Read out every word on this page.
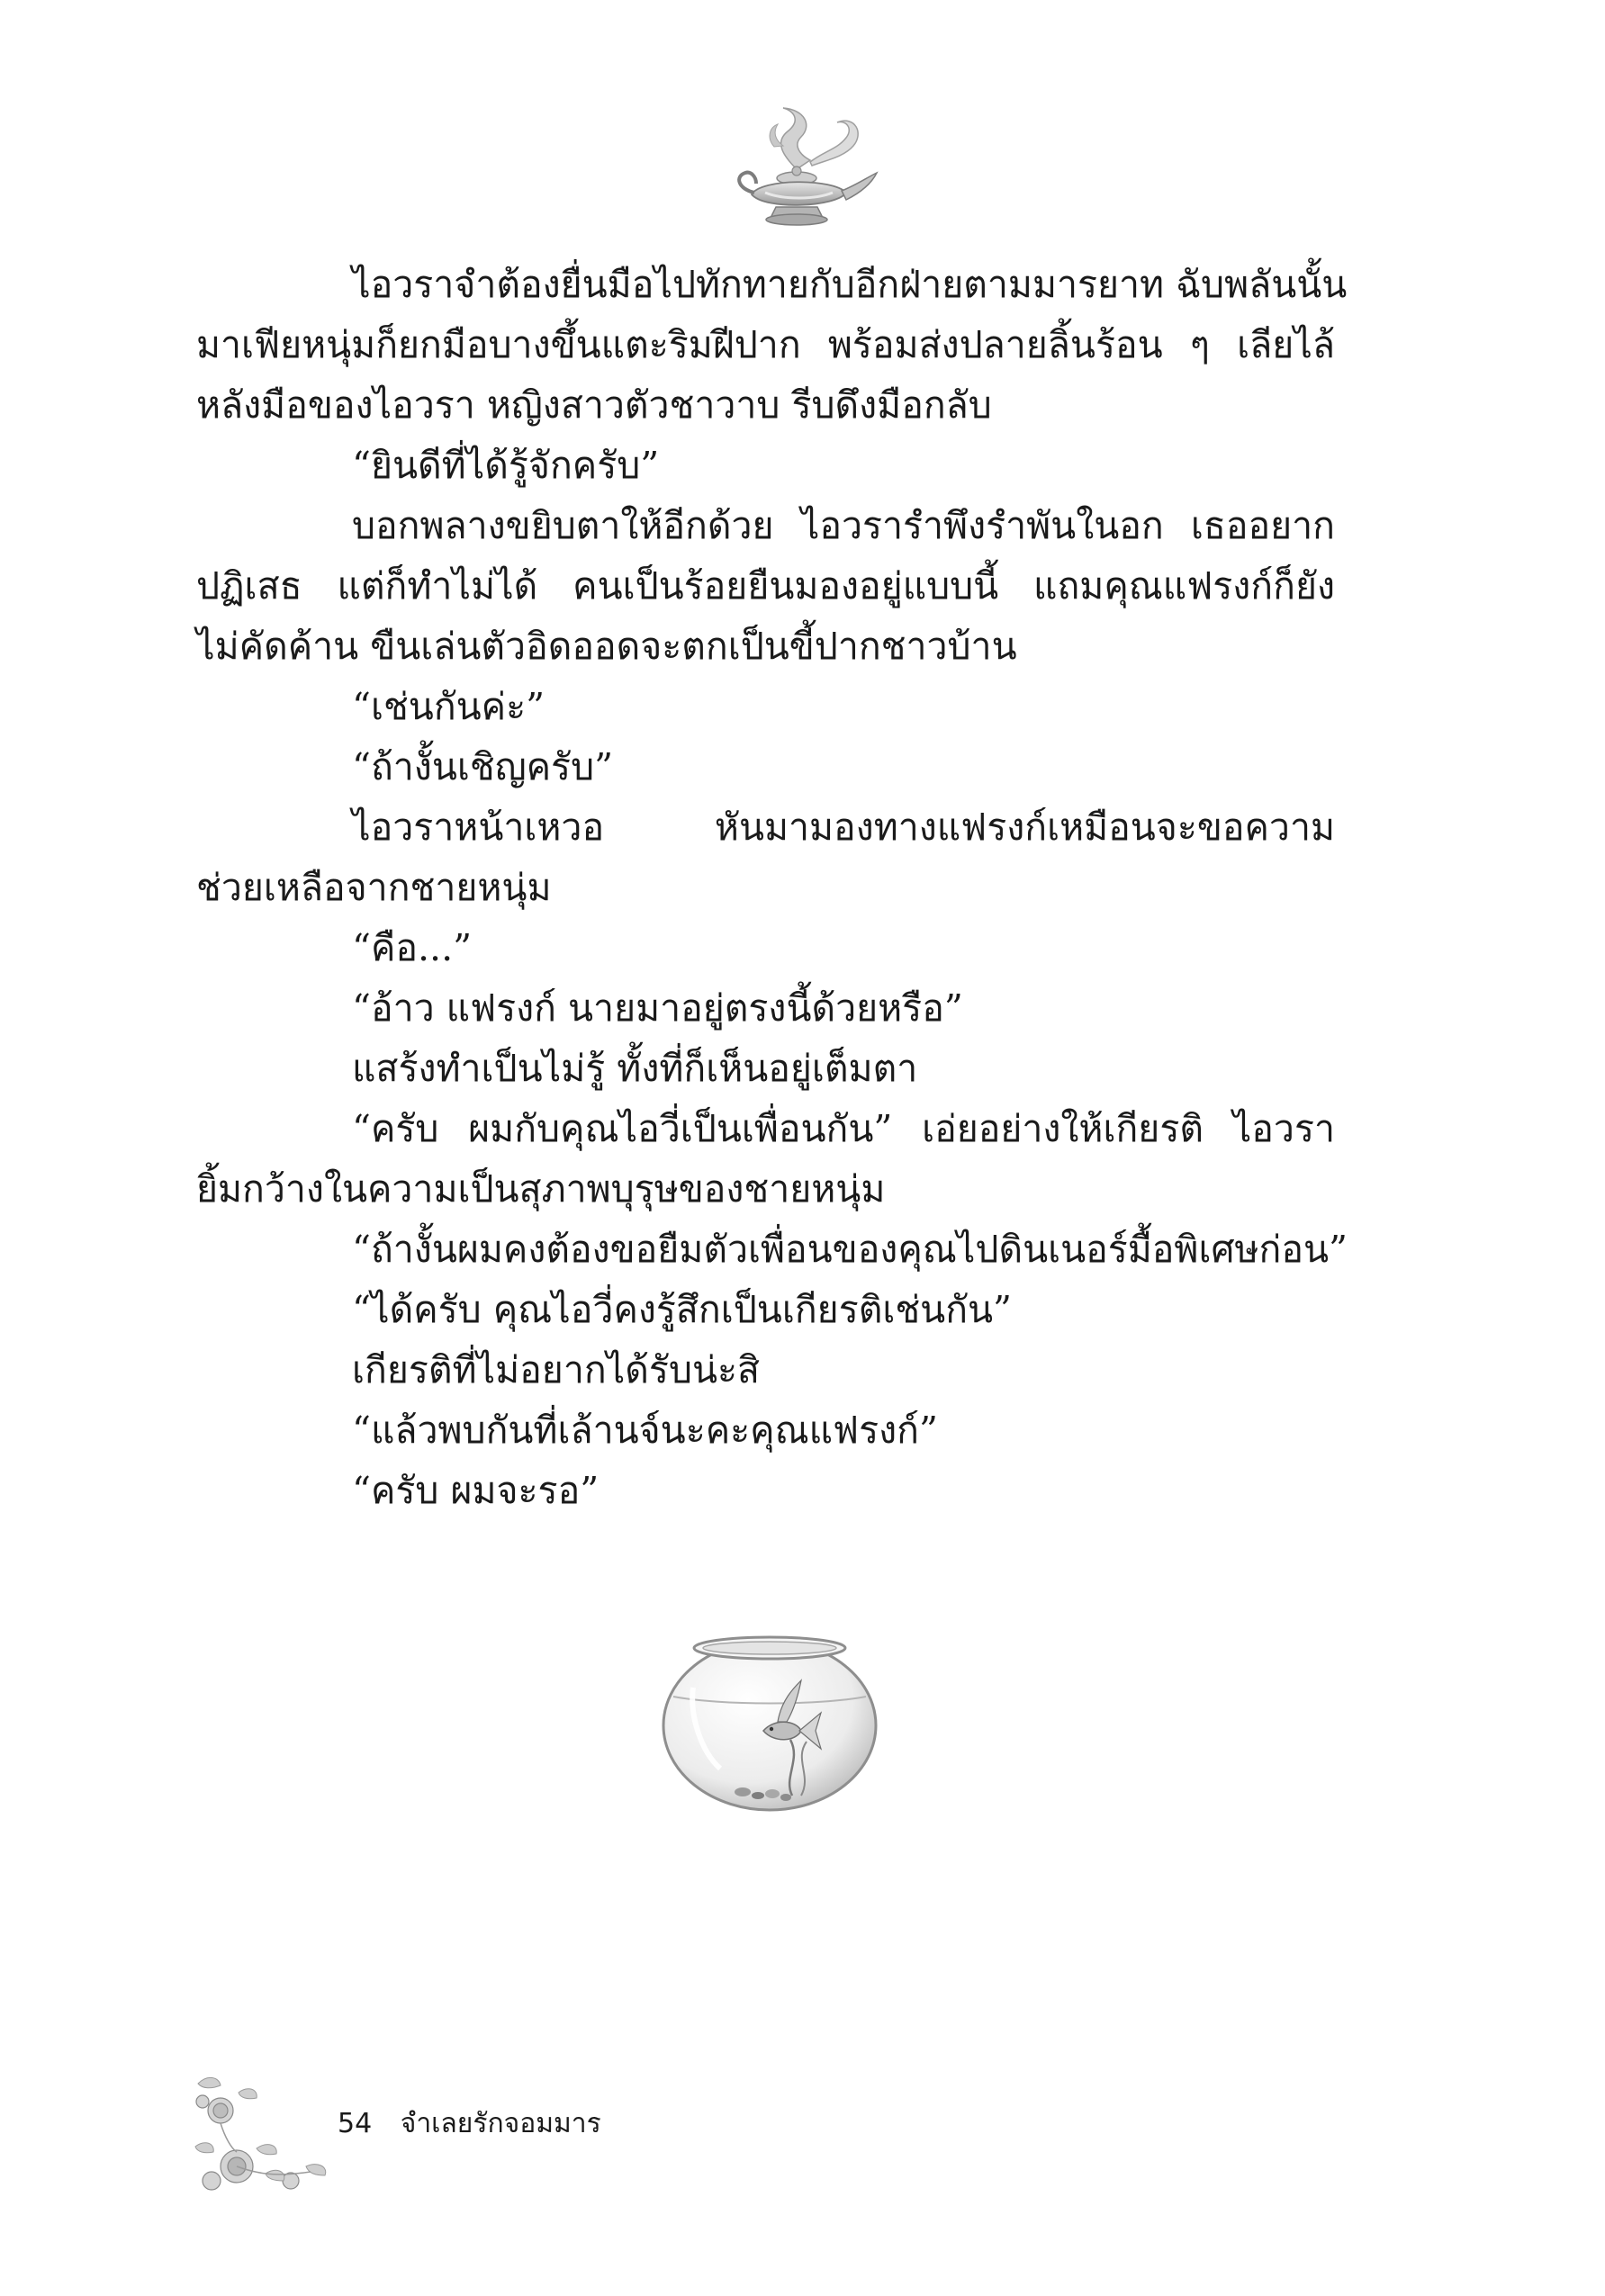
ไอวราจำต้องยื่นมือไปทักทายกับอีกฝ่ายตามมารยาท ฉับพลันนั้น
มาเฟียหนุ่มก็ยกมือบางขึ้นแตะริมฝีปาก พร้อมส่งปลายลิ้นร้อน ๆ เลียไล้
หลังมือของไอวรา หญิงสาวตัวชาวาบ รีบดึงมือกลับ
“ยินดีที่ได้รู้จักครับ”
บอกพลางขยิบตาให้อีกด้วย ไอวรารำพึงรำพันในอก เธออยาก
ปฏิเสธ แต่ก็ทำไม่ได้ คนเป็นร้อยยืนมองอยู่แบบนี้ แถมคุณแฟรงก์ก็ยัง
ไม่คัดค้าน ขืนเล่นตัวอิดออดจะตกเป็นขี้ปากชาวบ้าน
“เช่นกันค่ะ”
“ถ้างั้นเชิญครับ”
ไอวราหน้าเหวอ หันมามองทางแฟรงก์เหมือนจะขอความ
ช่วยเหลือจากชายหนุ่ม
“คือ...”
“อ้าว แฟรงก์ นายมาอยู่ตรงนี้ด้วยหรือ”
แสร้งทำเป็นไม่รู้ ทั้งที่ก็เห็นอยู่เต็มตา
“ครับ ผมกับคุณไอวี่เป็นเพื่อนกัน” เอ่ยอย่างให้เกียรติ ไอวรา
ยิ้มกว้างในความเป็นสุภาพบุรุษของชายหนุ่ม
“ถ้างั้นผมคงต้องขอยืมตัวเพื่อนของคุณไปดินเนอร์มื้อพิเศษก่อน”
“ได้ครับ คุณไอวี่คงรู้สึกเป็นเกียรติเช่นกัน”
เกียรติที่ไม่อยากได้รับน่ะสิ
“แล้วพบกันที่เล้านจ์นะคะคุณแฟรงก์”
“ครับ ผมจะรอ”
54 จำเลยรักจอมมาร
